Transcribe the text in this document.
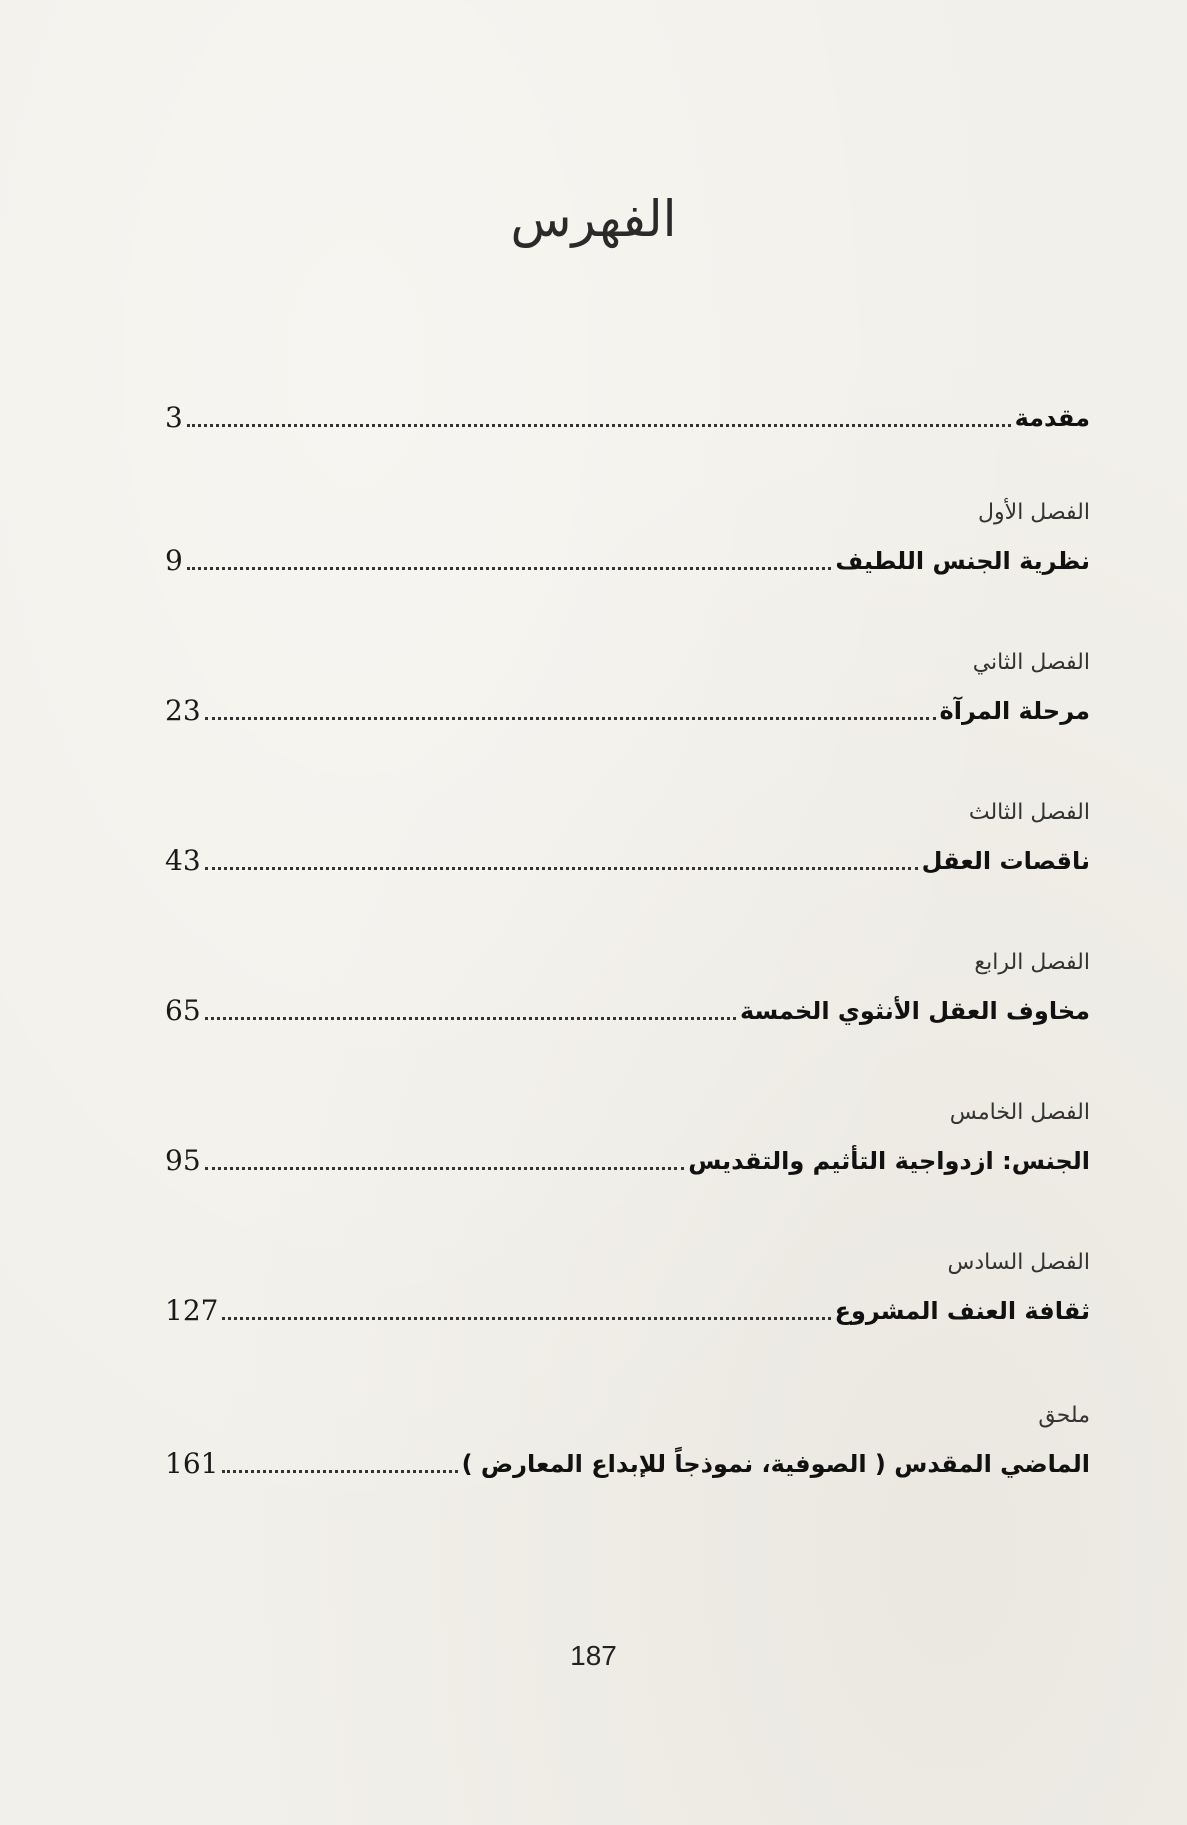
الفهرس
3	مقدمة
الفصل الأول
9	نظرية الجنس اللطيف
الفصل الثاني
23	مرحلة المرآة
الفصل الثالث
43	ناقصات العقل
الفصل الرابع
65	مخاوف العقل الأنثوي الخمسة
الفصل الخامس
95	الجنس: ازدواجية التأثيم والتقديس
الفصل السادس
127	ثقافة العنف المشروع
ملحق
161	الماضي المقدس ( الصوفية، نموذجاً للإبداع المعارض )
187
